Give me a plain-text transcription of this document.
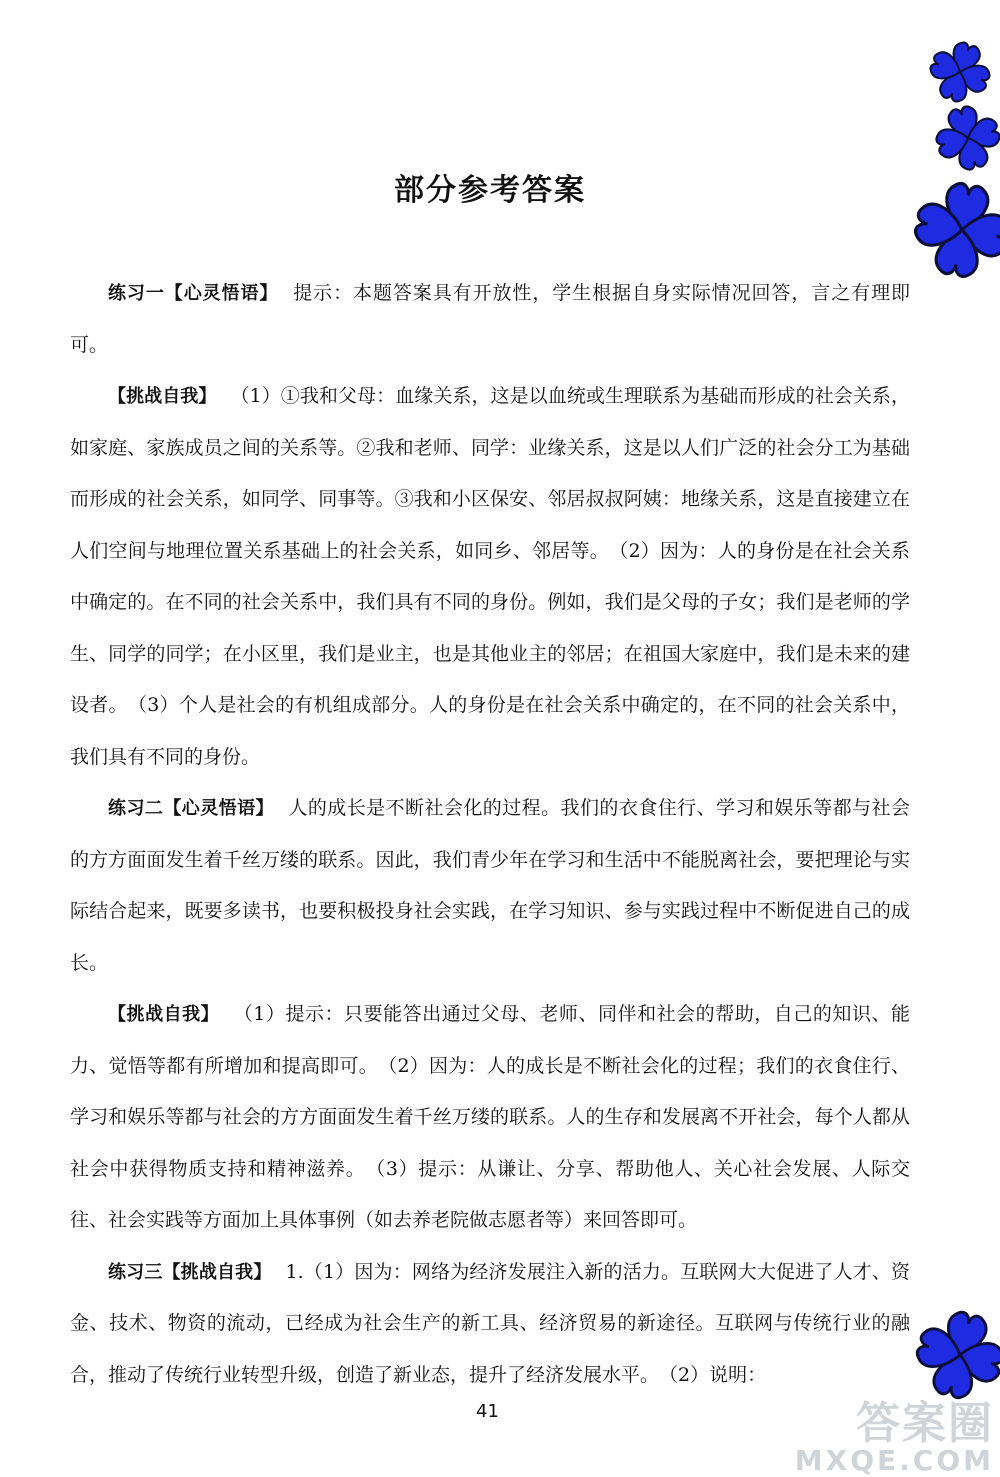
部分参考答案

练习一【心灵悟语】 提示：本题答案具有开放性，学生根据自身实际情况回答，言之有理即可。

【挑战自我】 （1）①我和父母：血缘关系，这是以血统或生理联系为基础而形成的社会关系，如家庭、家族成员之间的关系等。②我和老师、同学：业缘关系，这是以人们广泛的社会分工为基础而形成的社会关系，如同学、同事等。③我和小区保安、邻居叔叔阿姨：地缘关系，这是直接建立在人们空间与地理位置关系基础上的社会关系，如同乡、邻居等。　（2）因为：人的身份是在社会关系中确定的。在不同的社会关系中，我们具有不同的身份。例如，我们是父母的子女；我们是老师的学生、同学的同学；在小区里，我们是业主，也是其他业主的邻居；在祖国大家庭中，我们是未来的建设者。　（3）个人是社会的有机组成部分。人的身份是在社会关系中确定的，在不同的社会关系中，我们具有不同的身份。

练习二【心灵悟语】 人的成长是不断社会化的过程。我们的衣食住行、学习和娱乐等都与社会的方方面面发生着千丝万缕的联系。因此，我们青少年在学习和生活中不能脱离社会，要把理论与实际结合起来，既要多读书，也要积极投身社会实践，在学习知识、参与实践过程中不断促进自己的成长。

【挑战自我】 （1）提示：只要能答出通过父母、老师、同伴和社会的帮助，自己的知识、能力、觉悟等都有所增加和提高即可。　（2）因为：人的成长是不断社会化的过程；我们的衣食住行、学习和娱乐等都与社会的方方面面发生着千丝万缕的联系。人的生存和发展离不开社会，每个人都从社会中获得物质支持和精神滋养。　（3）提示：从谦让、分享、帮助他人、关心社会发展、人际交往、社会实践等方面加上具体事例（如去养老院做志愿者等）来回答即可。

练习三【挑战自我】 1.（1）因为：网络为经济发展注入新的活力。互联网大大促进了人才、资金、技术、物资的流动，已经成为社会生产的新工具、经济贸易的新途径。互联网与传统行业的融合，推动了传统行业转型升级，创造了新业态，提升了经济发展水平。　（2）说明：

41	答案圈
MXQE.COM
